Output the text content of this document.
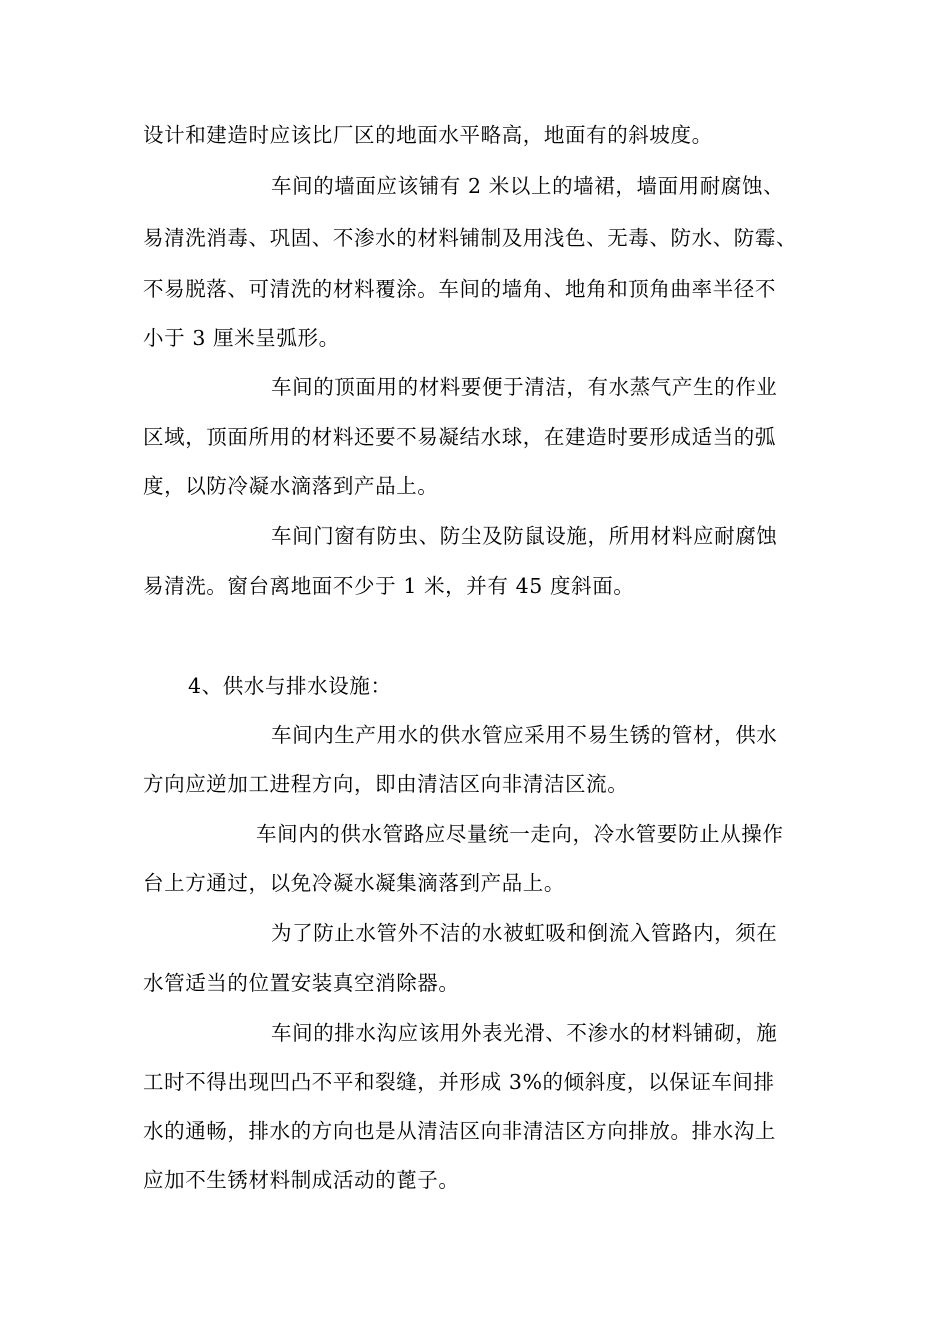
设计和建造时应该比厂区的地面水平略高，地面有的斜坡度。
车间的墙面应该铺有 2 米以上的墙裙，墙面用耐腐蚀、
易清洗消毒、巩固、不渗水的材料铺制及用浅色、无毒、防水、防霉、
不易脱落、可清洗的材料覆涂。车间的墙角、地角和顶角曲率半径不
小于 3 厘米呈弧形。
车间的顶面用的材料要便于清洁，有水蒸气产生的作业
区域，顶面所用的材料还要不易凝结水球，在建造时要形成适当的弧
度，以防冷凝水滴落到产品上。
车间门窗有防虫、防尘及防鼠设施，所用材料应耐腐蚀
易清洗。窗台离地面不少于 1 米，并有 45 度斜面。
4、供水与排水设施：
车间内生产用水的供水管应采用不易生锈的管材，供水
方向应逆加工进程方向，即由清洁区向非清洁区流。
车间内的供水管路应尽量统一走向，冷水管要防止从操作
台上方通过，以免冷凝水凝集滴落到产品上。
为了防止水管外不洁的水被虹吸和倒流入管路内，须在
水管适当的位置安装真空消除器。
车间的排水沟应该用外表光滑、不渗水的材料铺砌，施
工时不得出现凹凸不平和裂缝，并形成 3%的倾斜度，以保证车间排
水的通畅，排水的方向也是从清洁区向非清洁区方向排放。排水沟上
应加不生锈材料制成活动的蓖子。
